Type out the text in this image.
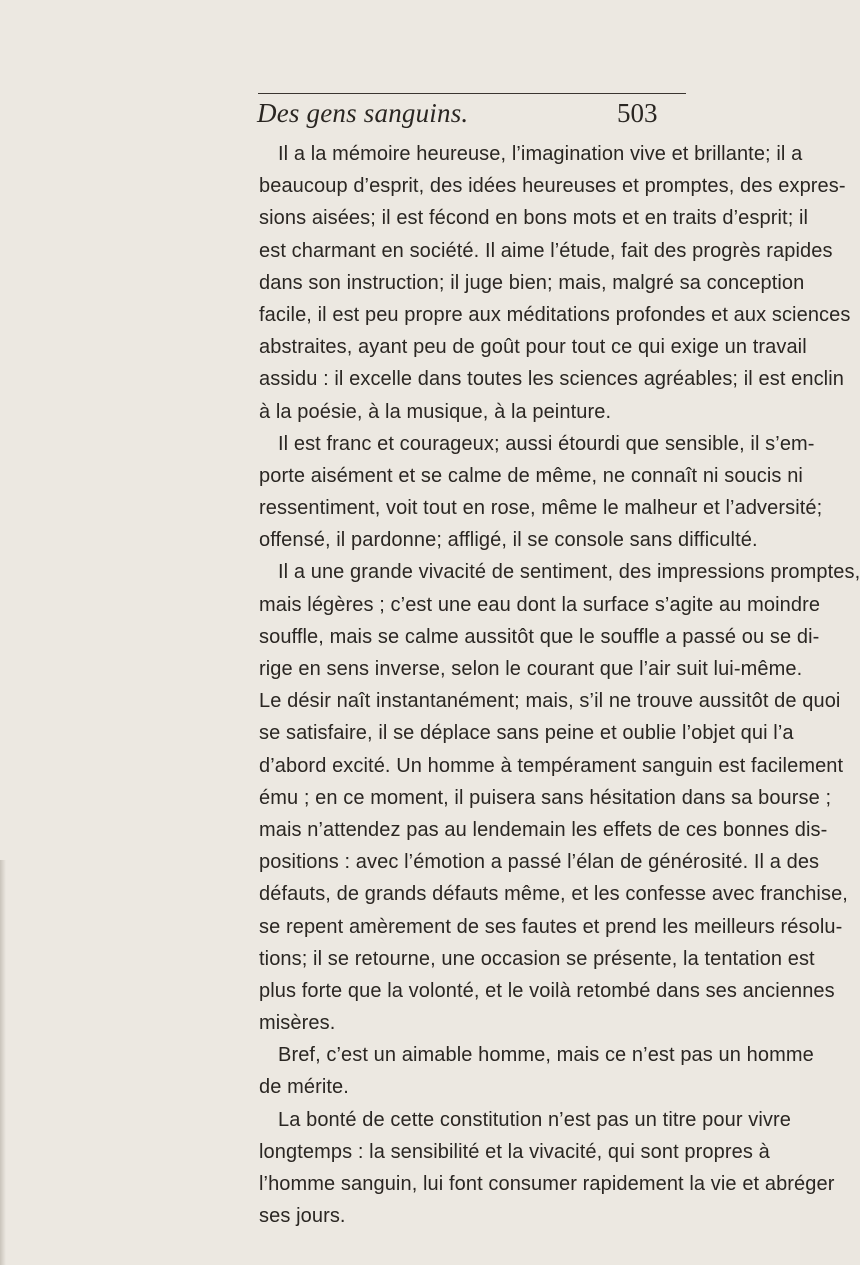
Des gens sanguins.	503
Il a la mémoire heureuse, l’imagination vive et brillante; il a
beaucoup d’esprit, des idées heureuses et promptes, des expres-
sions aisées; il est fécond en bons mots et en traits d’esprit; il
est charmant en société. Il aime l’étude, fait des progrès rapides
dans son instruction; il juge bien; mais, malgré sa conception
facile, il est peu propre aux méditations profondes et aux sciences
abstraites, ayant peu de goût pour tout ce qui exige un travail
assidu : il excelle dans toutes les sciences agréables; il est enclin
à la poésie, à la musique, à la peinture.
Il est franc et courageux; aussi étourdi que sensible, il s’em-
porte aisément et se calme de même, ne connaît ni soucis ni
ressentiment, voit tout en rose, même le malheur et l’adversité;
offensé, il pardonne; affligé, il se console sans difficulté.
Il a une grande vivacité de sentiment, des impressions promptes,
mais légères ; c’est une eau dont la surface s’agite au moindre
souffle, mais se calme aussitôt que le souffle a passé ou se di-
rige en sens inverse, selon le courant que l’air suit lui-même.
Le désir naît instantanément; mais, s’il ne trouve aussitôt de quoi
se satisfaire, il se déplace sans peine et oublie l’objet qui l’a
d’abord excité. Un homme à tempérament sanguin est facilement
ému ; en ce moment, il puisera sans hésitation dans sa bourse ;
mais n’attendez pas au lendemain les effets de ces bonnes dis-
positions : avec l’émotion a passé l’élan de générosité. Il a des
défauts, de grands défauts même, et les confesse avec franchise,
se repent amèrement de ses fautes et prend les meilleurs résolu-
tions; il se retourne, une occasion se présente, la tentation est
plus forte que la volonté, et le voilà retombé dans ses anciennes
misères.
Bref, c’est un aimable homme, mais ce n’est pas un homme
de mérite.
La bonté de cette constitution n’est pas un titre pour vivre
longtemps : la sensibilité et la vivacité, qui sont propres à
l’homme sanguin, lui font consumer rapidement la vie et abréger
ses jours.
